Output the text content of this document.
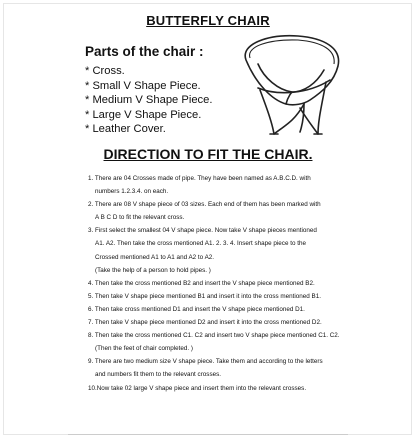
BUTTERFLY CHAIR
Parts of the chair :
* Cross.
* Small V Shape Piece.
* Medium V Shape Piece.
* Large V Shape Piece.
* Leather Cover.
DIRECTION TO FIT THE CHAIR.
1. There are 04 Crosses made of pipe. They have been named as A.B.C.D. with
numbers 1.2.3.4. on each.
2. There are 08 V shape piece of 03 sizes. Each end of them has been marked with
A B C D to fit the relevant cross.
3. First select the smallest 04 V shape piece. Now take V shape pieces mentioned
A1. A2. Then take the cross mentioned A1. 2. 3. 4. Insert shape piece to the
Crossed mentioned A1 to A1 and A2 to A2.
(Take the help of a person to hold pipes. )
4. Then take the cross mentioned B2 and insert the V shape piece mentioned B2.
5. Then take V shape piece mentioned B1 and insert it into the cross mentioned B1.
6. Then take cross mentioned D1 and insert the V shape piece mentioned D1.
7. Then take V shape piece mentioned D2 and insert it into the cross mentioned D2.
8. Then take the cross mentioned C1. C2 and insert two V shape piece mentioned C1. C2.
(Then the feet of chair completed. )
9. There are two medium size V shape piece. Take them and according to the letters
and numbers fit them to the relevant crosses.
10.Now take 02 large V shape piece and insert them into the relevant crosses.
